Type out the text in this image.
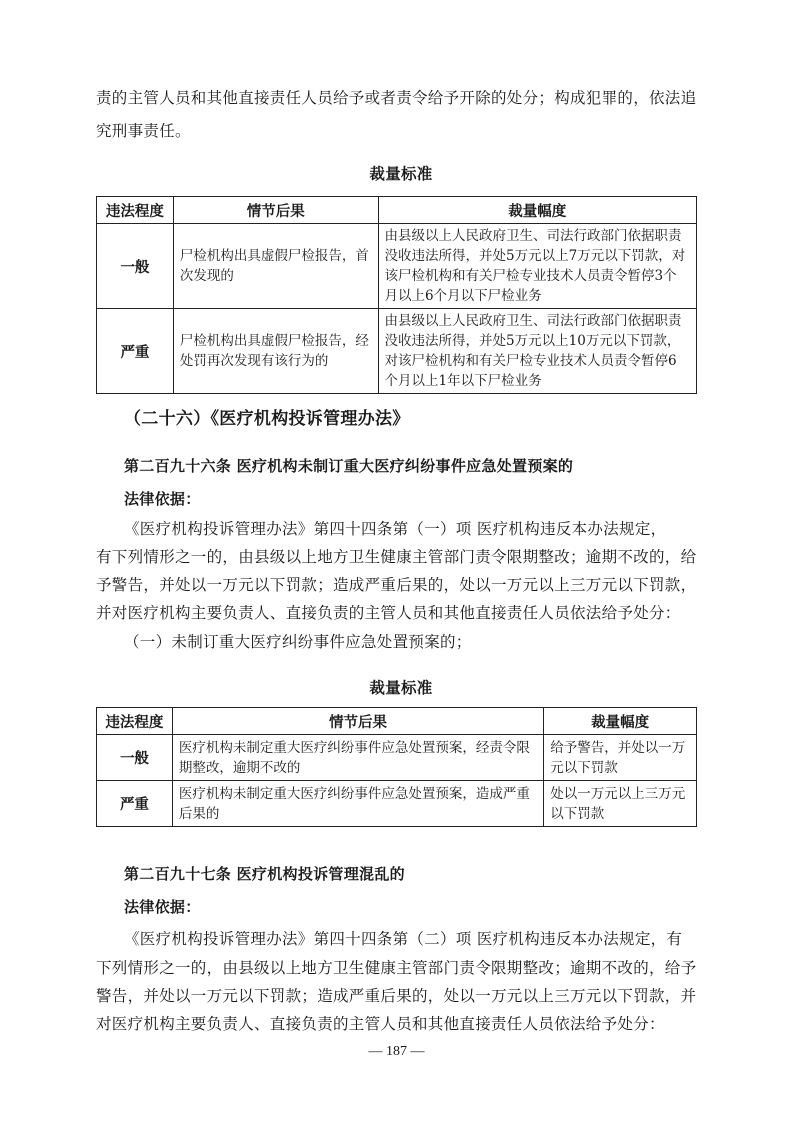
责的主管人员和其他直接责任人员给予或者责令给予开除的处分；构成犯罪的，依法追
究刑事责任。
裁量标准
违法程度	情节后果	裁量幅度
一般	尸检机构出具虚假尸检报告，首次发现的	由县级以上人民政府卫生、司法行政部门依据职责没收违法所得，并处5万元以上7万元以下罚款，对该尸检机构和有关尸检专业技术人员责令暂停3个月以上6个月以下尸检业务
严重	尸检机构出具虚假尸检报告，经处罚再次发现有该行为的	由县级以上人民政府卫生、司法行政部门依据职责没收违法所得，并处5万元以上10万元以下罚款，对该尸检机构和有关尸检专业技术人员责令暂停6个月以上1年以下尸检业务
（二十六）《医疗机构投诉管理办法》
第二百九十六条 医疗机构未制订重大医疗纠纷事件应急处置预案的
法律依据：
《医疗机构投诉管理办法》第四十四条第（一）项 医疗机构违反本办法规定，
有下列情形之一的，由县级以上地方卫生健康主管部门责令限期整改；逾期不改的，给
予警告，并处以一万元以下罚款；造成严重后果的，处以一万元以上三万元以下罚款，
并对医疗机构主要负责人、直接负责的主管人员和其他直接责任人员依法给予处分：
（一）未制订重大医疗纠纷事件应急处置预案的；
裁量标准
违法程度	情节后果	裁量幅度
一般	医疗机构未制定重大医疗纠纷事件应急处置预案，经责令限期整改，逾期不改的	给予警告，并处以一万元以下罚款
严重	医疗机构未制定重大医疗纠纷事件应急处置预案，造成严重后果的	处以一万元以上三万元以下罚款
第二百九十七条 医疗机构投诉管理混乱的
法律依据：
《医疗机构投诉管理办法》第四十四条第（二）项 医疗机构违反本办法规定，有
下列情形之一的，由县级以上地方卫生健康主管部门责令限期整改；逾期不改的，给予
警告，并处以一万元以下罚款；造成严重后果的，处以一万元以上三万元以下罚款，并
对医疗机构主要负责人、直接负责的主管人员和其他直接责任人员依法给予处分：
— 187 —
